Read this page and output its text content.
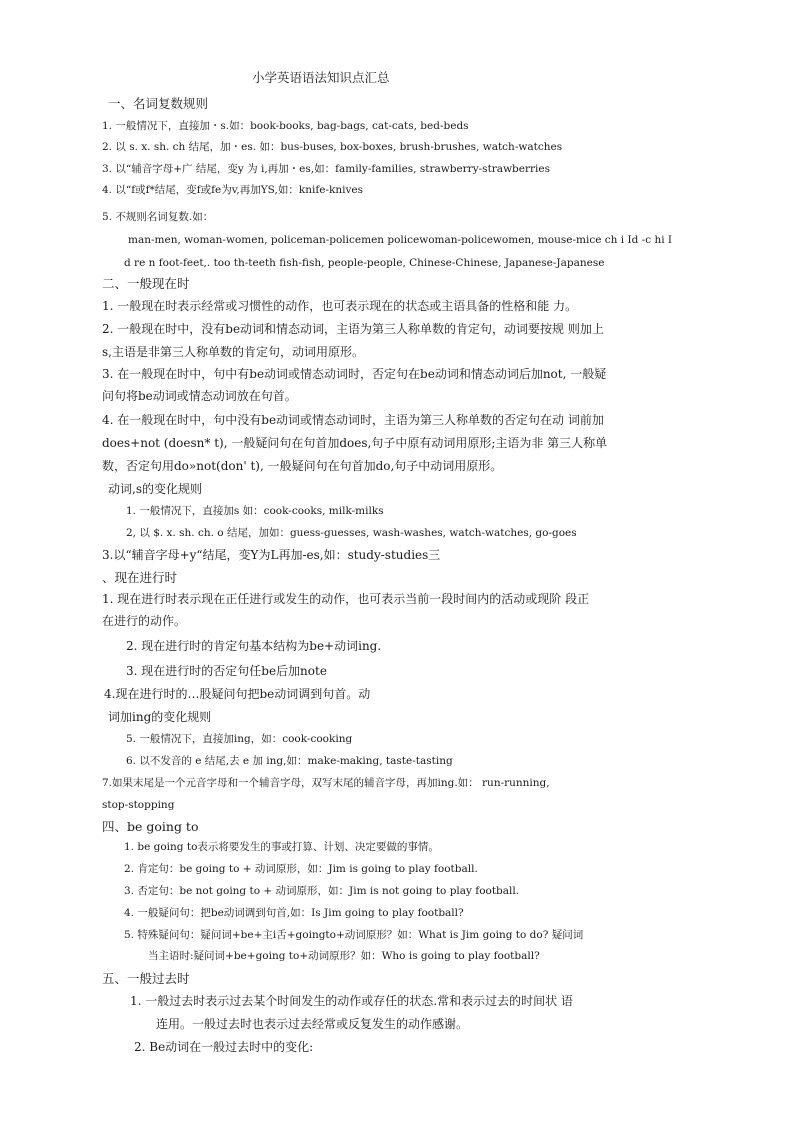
小学英语语法知识点汇总
一、名词复数规则
1. 一般情况下，直接加・s.如：book-books, bag-bags, cat-cats, bed-beds
2. 以 s. x. sh. ch 结尾，加・es. 如：bus-buses, box-boxes, brush-brushes, watch-watches
3. 以“辅音字母+广 结尾，变y 为 i,再加・es,如：family-families, strawberry-strawberries
4. 以“f或f*结尾，变f或fe为v,再加YS,如：knife-knives
5. 不规则名词复数.如：
man-men, woman-women, policeman-policemen policewoman-policewomen, mouse-mice ch i Id -c hi I
d re n foot-feet,. too th-teeth fish-fish, people-people, Chinese-Chinese, Japanese-Japanese
二、一般现在时
1. 一般现在时表示经常或习惯性的动作，也可表示现在的状态或主语具备的性格和能 力。
2. 一般现在时中，没有be动词和情态动词，主语为第三人称单数的肯定句，动词要按规 则加上
s,主语是非第三人称单数的肯定句，动词用原形。
3. 在一般现在时中，句中有be动词或情态动词时，否定句在be动词和情态动词后加not, 一般疑
问句将be动词或情态动词放在句首。
4. 在一般现在时中，句中没有be动词或情态动词时，主语为第三人称单数的否定句在动 词前加
does+not (doesn* t), 一般疑问句在句首加does,句子中原有动词用原形;主语为非 第三人称单
数，否定句用do»not(don' t), 一般疑问句在句首加do,句子中动词用原形。
动词,s的变化规则
1. 一般情况下，直接加s 如：cook-cooks, milk-milks
2, 以 $. x. sh. ch. o 结尾，加如：guess-guesses, wash-washes, watch-watches, go-goes
3.以“辅音字母+y“结尾，变Y为L再加-es,如：study-studies三
、现在进行时
1. 现在进行时表示现在正任进行或发生的动作，也可表示当前一段时间内的活动或现阶 段正
在进行的动作。
2. 现在进行时的肯定句基本结构为be+动词ing.
3. 现在进行时的否定句任be后加note
4.现在进行时的…股疑问句把be动词调到句首。动
词加ing的变化规则
5. 一般情况下，直接加ing，如：cook-cooking
6. 以不发音的 e 结尾,去 e 加 ing,如：make-making, taste-tasting
7.如果末尾是一个元音字母和一个辅音字母，双写末尾的辅音字母，再加ing.如： run-running,
stop-stopping
四、be going to
1. be going to表示将要发生的事或打算、计划、决定要做的事情。
2. 肯定句：be going to + 动词原形，如：Jim is going to play football.
3. 否定句：be not going to + 动词原形，如：Jim is not going to play football.
4. 一般疑问句：把be动词调到句首,如：Is Jim going to play football?
5. 特殊疑问句：疑问词+be+主i舌+goingto+动词原形？如：What is Jim going to do? 疑问词
当主语时:疑问词+be+going to+动词原形？如：Who is going to play football?
五、一般过去时
1. 一般过去时表示过去某个时间发生的动作或存任的状态.常和表示过去的时间状 语
连用。一般过去时也表示过去经常或反复发生的动作感谢。
2. Be动词在一般过去时中的变化:
